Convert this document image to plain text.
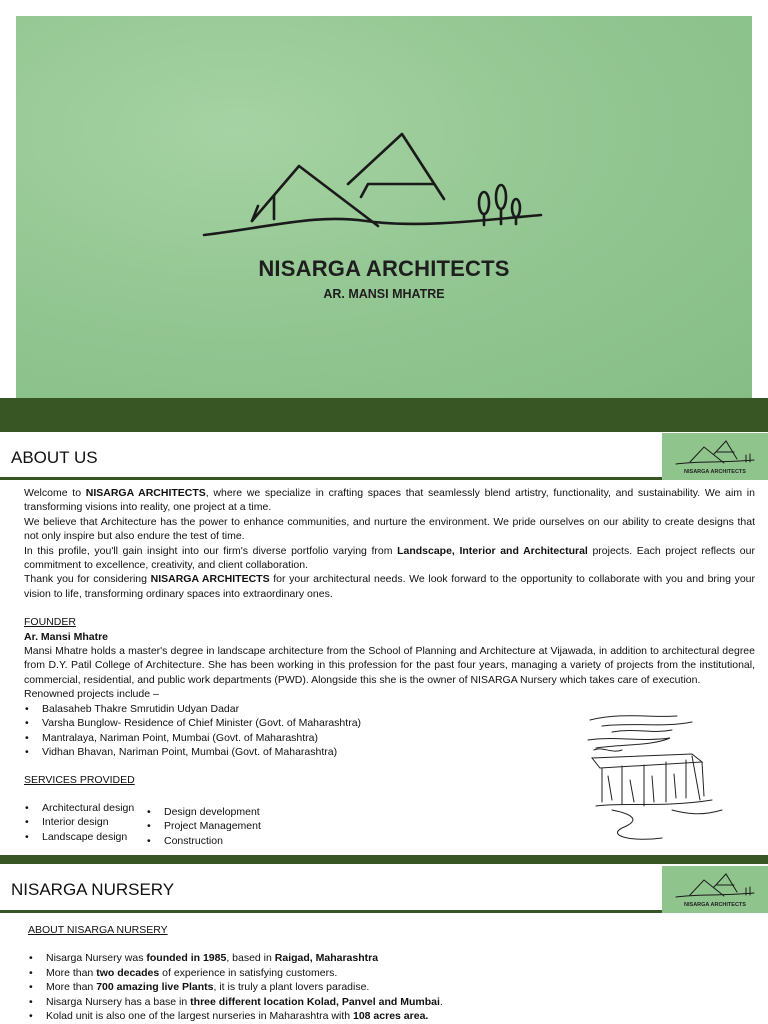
NISARGA ARCHITECTS
AR. MANSI MHATRE
ABOUT US
NISARGA ARCHITECTS

Welcome to NISARGA ARCHITECTS, where we specialize in crafting spaces that seamlessly blend artistry, functionality, and sustainability. We aim in transforming visions into reality, one project at a time.

We believe that Architecture has the power to enhance communities, and nurture the environment. We pride ourselves on our ability to create designs that not only inspire but also endure the test of time.

In this profile, you'll gain insight into our firm's diverse portfolio varying from Landscape, Interior and Architectural projects. Each project reflects our commitment to excellence, creativity, and client collaboration.

Thank you for considering NISARGA ARCHITECTS for your architectural needs. We look forward to the opportunity to collaborate with you and bring your vision to life, transforming ordinary spaces into extraordinary ones.

FOUNDER

Ar. Mansi Mhatre

Mansi Mhatre holds a master's degree in landscape architecture from the School of Planning and Architecture at Vijawada, in addition to architectural degree from D.Y. Patil College of Architecture. She has been working in this profession for the past four years, managing a variety of projects from the institutional, commercial, residential, and public work departments (PWD). Alongside this she is the owner of NISARGA Nursery which takes care of execution.

Renowned projects include –

• Balasaheb Thakre Smrutidin Udyan Dadar
• Varsha Bunglow- Residence of Chief Minister (Govt. of Maharashtra)
• Mantralaya, Nariman Point, Mumbai (Govt. of Maharashtra)
• Vidhan Bhavan, Nariman Point, Mumbai (Govt. of Maharashtra)

SERVICES PROVIDED

• Architectural design
• Interior design
• Landscape design
• Design development
• Project Management
• Construction
NISARGA NURSERY
NISARGA ARCHITECTS
ABOUT NISARGA NURSERY
• Nisarga Nursery was founded in 1985, based in Raigad, Maharashtra
• More than two decades of experience in satisfying customers.
• More than 700 amazing live Plants, it is truly a plant lovers paradise.
• Nisarga Nursery has a base in three different location Kolad, Panvel and Mumbai.
• Kolad unit is also one of the largest nurseries in Maharashtra with 108 acres area.
